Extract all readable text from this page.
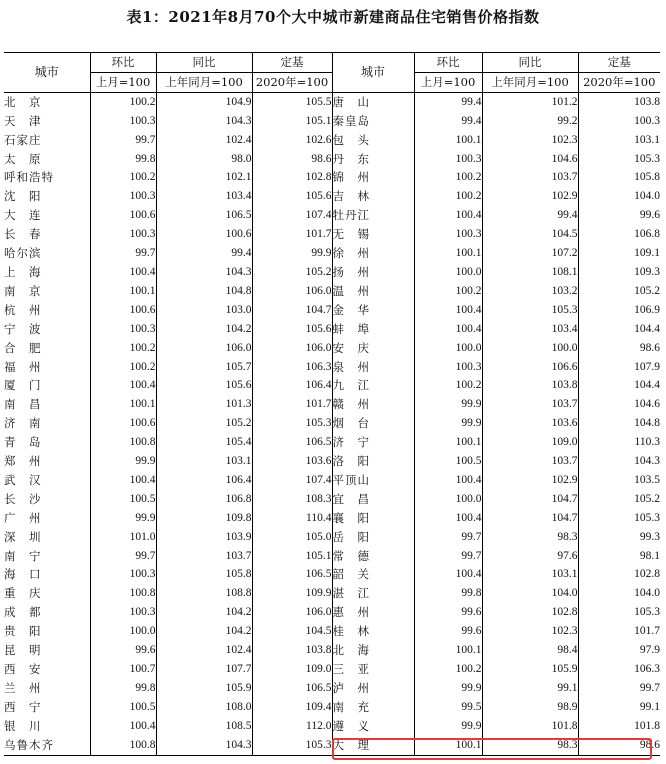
表1：2021年8月70个大中城市新建商品住宅销售价格指数
城市	环比	同比	定基	城市	环比	同比	定基
	上月=100	上年同月=100	2020年=100		上月=100	上年同月=100	2020年=100
北　京	100.2	104.9	105.5	唐　山	99.4	101.2	103.8
天　津	100.3	104.3	105.1	秦皇岛	99.4	99.2	100.3
石家庄	99.7	102.4	102.6	包　头	100.1	102.3	103.1
太　原	99.8	98.0	98.6	丹　东	100.3	104.6	105.3
呼和浩特	100.2	102.1	102.8	锦　州	100.2	103.7	105.8
沈　阳	100.3	103.4	105.6	吉　林	100.2	102.9	104.0
大　连	100.6	106.5	107.4	牡丹江	100.4	99.4	99.6
长　春	100.3	100.6	101.7	无　锡	100.3	104.5	106.8
哈尔滨	99.7	99.4	99.9	徐　州	100.1	107.2	109.1
上　海	100.4	104.3	105.2	扬　州	100.0	108.1	109.3
南　京	100.1	104.8	106.0	温　州	100.2	103.2	105.2
杭　州	100.6	103.0	104.7	金　华	100.4	105.3	106.9
宁　波	100.3	104.2	105.6	蚌　埠	100.4	103.4	104.4
合　肥	100.2	106.0	106.0	安　庆	100.0	100.0	98.6
福　州	100.2	105.7	106.3	泉　州	100.3	106.6	107.9
厦　门	100.4	105.6	106.4	九　江	100.2	103.8	104.4
南　昌	100.1	101.3	101.7	赣　州	99.9	103.7	104.6
济　南	100.6	105.2	105.3	烟　台	99.9	103.6	104.8
青　岛	100.8	105.4	106.5	济　宁	100.1	109.0	110.3
郑　州	99.9	103.1	103.6	洛　阳	100.5	103.7	104.3
武　汉	100.4	106.4	107.4	平顶山	100.4	102.9	103.5
长　沙	100.5	106.8	108.3	宜　昌	100.0	104.7	105.2
广　州	99.9	109.8	110.4	襄　阳	100.4	104.7	105.3
深　圳	101.0	103.9	105.0	岳　阳	99.7	98.3	99.3
南　宁	99.7	103.7	105.1	常　德	99.7	97.6	98.1
海　口	100.3	105.8	106.5	韶　关	100.4	103.1	102.8
重　庆	100.8	108.8	109.9	湛　江	99.8	104.0	104.0
成　都	100.3	104.2	106.0	惠　州	99.6	102.8	105.3
贵　阳	100.0	104.2	104.5	桂　林	99.6	102.3	101.7
昆　明	99.6	102.4	103.8	北　海	100.1	98.4	97.9
西　安	100.7	107.7	109.0	三　亚	100.2	105.9	106.3
兰　州	99.8	105.9	106.5	泸　州	99.9	99.1	99.7
西　宁	100.5	108.0	109.4	南　充	99.5	98.9	99.1
银　川	100.4	108.5	112.0	遵　义	99.9	101.8	101.8
乌鲁木齐	100.8	104.3	105.3	大　理	100.1	98.3	98.6
